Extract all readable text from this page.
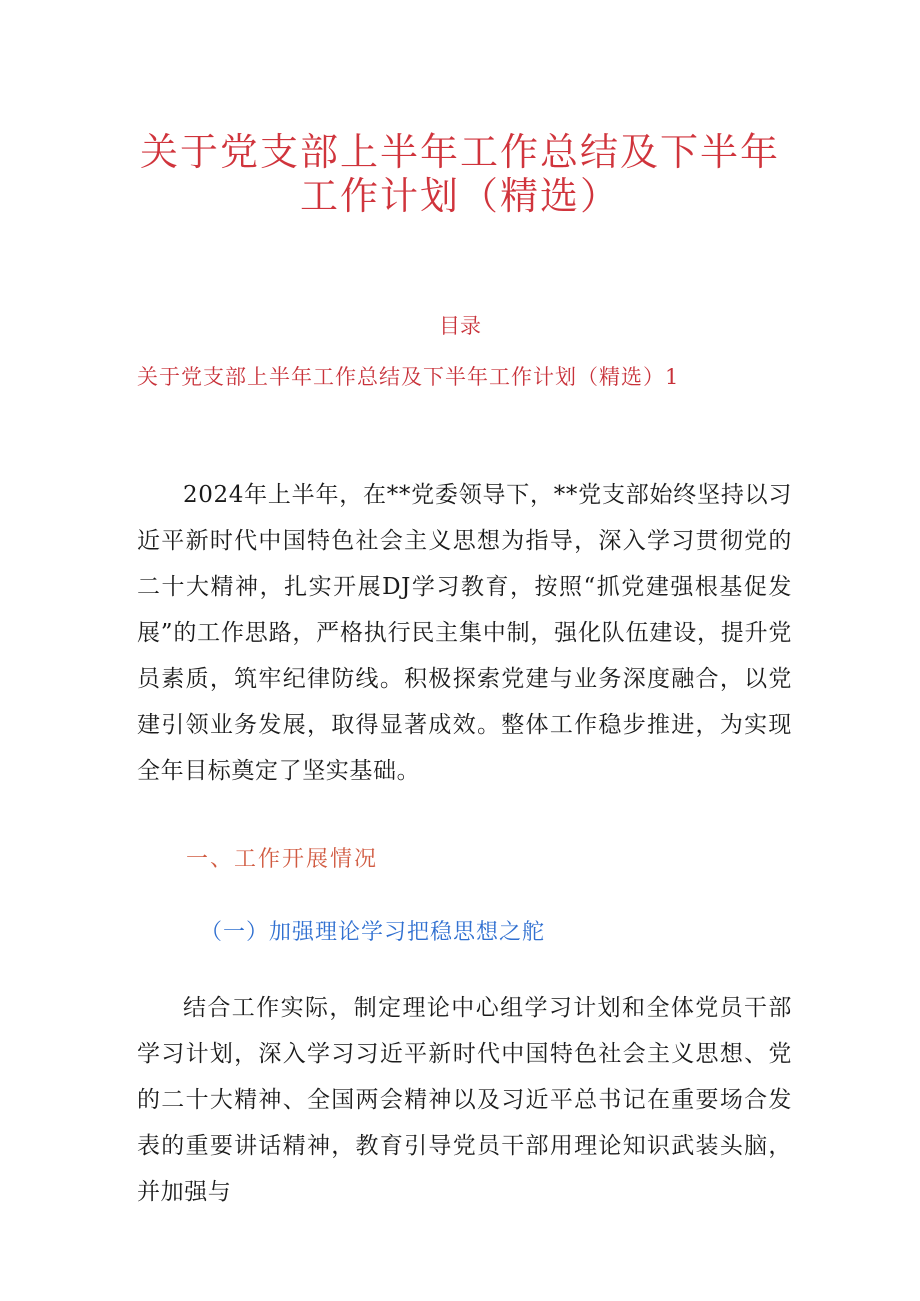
关于党支部上半年工作总结及下半年
工作计划（精选）
目录
关于党支部上半年工作总结及下半年工作计划（精选）1

2024年上半年，在**党委领导下，**党支部始终坚持以习近平新时代中国特色社会主义思想为指导，深入学习贯彻党的二十大精神，扎实开展DJ学习教育，按照“抓党建强根基促发展”的工作思路，严格执行民主集中制，强化队伍建设，提升党员素质，筑牢纪律防线。积极探索党建与业务深度融合，以党建引领业务发展，取得显著成效。整体工作稳步推进，为实现全年目标奠定了坚实基础。

一、工作开展情况
（一）加强理论学习把稳思想之舵

结合工作实际，制定理论中心组学习计划和全体党员干部学习计划，深入学习习近平新时代中国特色社会主义思想、党的二十大精神、全国两会精神以及习近平总书记在重要场合发表的重要讲话精神，教育引导党员干部用理论知识武装头脑，并加强与
